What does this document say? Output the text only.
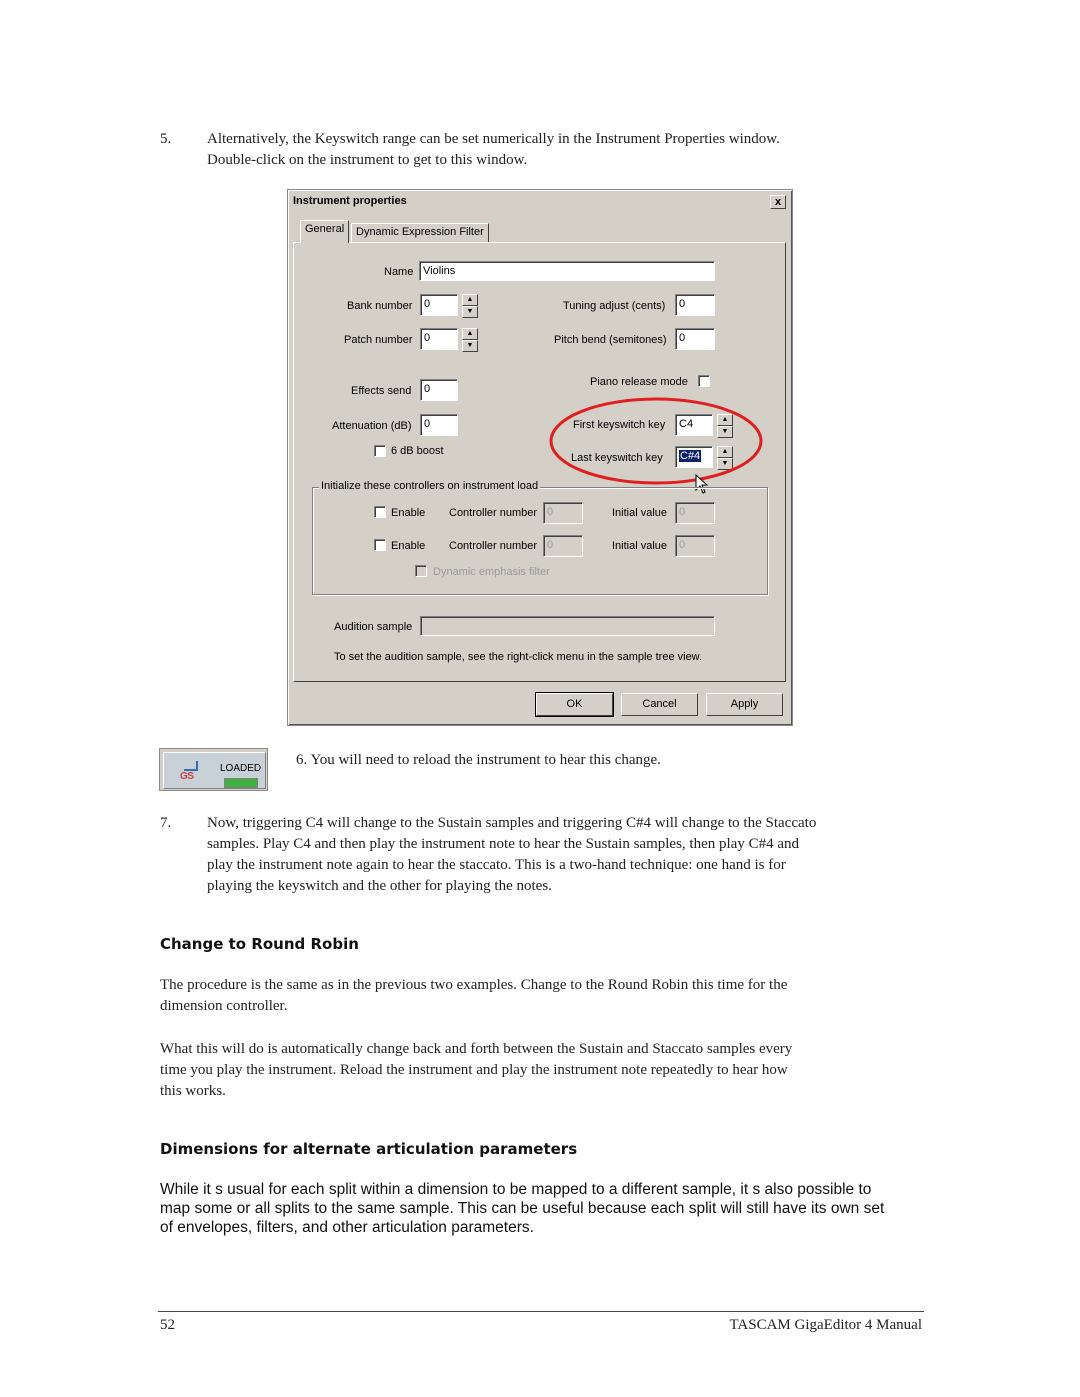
5. Alternatively, the Keyswitch range can be set numerically in the Instrument Properties window.
Double-click on the instrument to get to this window.
Instrument properties	x
General	Dynamic Expression Filter
Name Violins
Bank number	0	▲
▼
Patch number	0	▲
▼
Effects send	0
Attenuation (dB)	0
6 dB boost
Tuning adjust (cents)	0
Pitch bend (semitones)	0
Piano release mode
First keyswitch key	C4	▲
▼
Last keyswitch key	C#4	▲
▼
Initialize these controllers on instrument load
Enable Controller number 0	Initial value	0
Enable Controller number 0	Initial value	0
Dynamic emphasis filter
Audition sample
To set the audition sample, see the right-click menu in the sample tree view.
OK	Cancel	Apply
GS
LOADED
6. You will need to reload the instrument to hear this change.
7. Now, triggering C4 will change to the Sustain samples and triggering C#4 will change to the Staccato
samples. Play C4 and then play the instrument note to hear the Sustain samples, then play C#4 and
play the instrument note again to hear the staccato. This is a two-hand technique: one hand is for
playing the keyswitch and the other for playing the notes.
Change to Round Robin
The procedure is the same as in the previous two examples. Change to the Round Robin this time for the
dimension controller.
What this will do is automatically change back and forth between the Sustain and Staccato samples every
time you play the instrument. Reload the instrument and play the instrument note repeatedly to hear how
this works.
Dimensions for alternate articulation parameters
While it s usual for each split within a dimension to be mapped to a different sample, it s also possible to
map some or all splits to the same sample. This can be useful because each split will still have its own set
of envelopes, filters, and other articulation parameters.
52	TASCAM GigaEditor 4 Manual
